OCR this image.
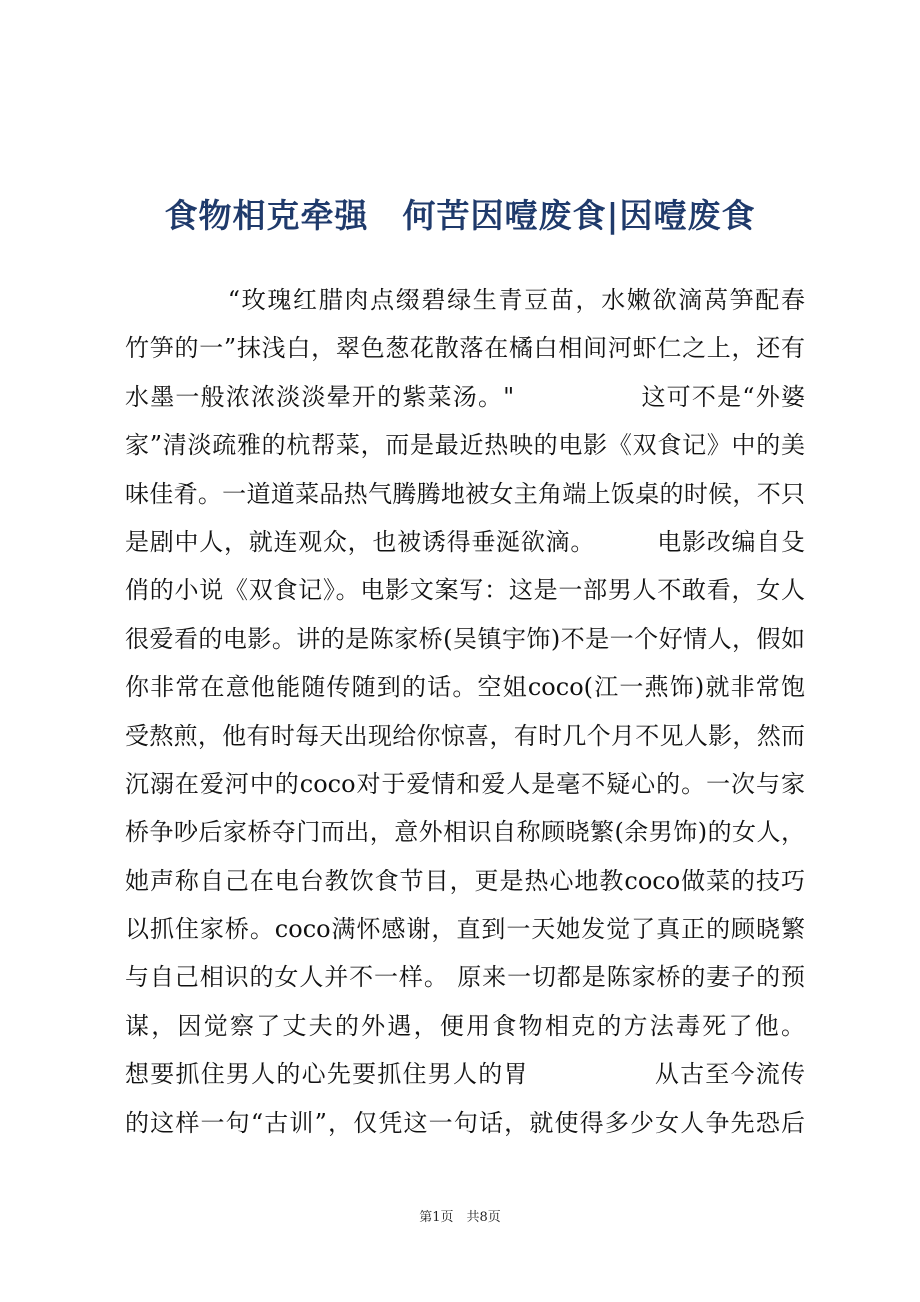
食物相克牵强　何苦因噎废食|因噎废食
　　　　“玫瑰红腊肉点缀碧绿生青豆苗，水嫩欲滴莴笋配春
竹笋的一”抹浅白，翠色葱花散落在橘白相间河虾仁之上，还有
水墨一般浓浓淡淡晕开的紫菜汤。"　　　　　这可不是“外婆
家”清淡疏雅的杭帮菜，而是最近热映的电影《双食记》中的美
味佳肴。一道道菜品热气腾腾地被女主角端上饭桌的时候，不只
是剧中人，就连观众，也被诱得垂涎欲滴。　　　电影改编自殳
俏的小说《双食记》。电影文案写：这是一部男人不敢看，女人
很爱看的电影。讲的是陈家桥(吴镇宇饰)不是一个好情人，假如
你非常在意他能随传随到的话。空姐coco(江一燕饰)就非常饱
受熬煎，他有时每天出现给你惊喜，有时几个月不见人影，然而
沉溺在爱河中的coco对于爱情和爱人是毫不疑心的。一次与家
桥争吵后家桥夺门而出，意外相识自称顾晓繁(余男饰)的女人，
她声称自己在电台教饮食节目，更是热心地教coco做菜的技巧
以抓住家桥。coco满怀感谢，直到一天她发觉了真正的顾晓繁
与自己相识的女人并不一样。 原来一切都是陈家桥的妻子的预
谋，因觉察了丈夫的外遇，便用食物相克的方法毒死了他。
想要抓住男人的心先要抓住男人的胃　　　　　从古至今流传
的这样一句“古训”，仅凭这一句话，就使得多少女人争先恐后
第1页　共8页
